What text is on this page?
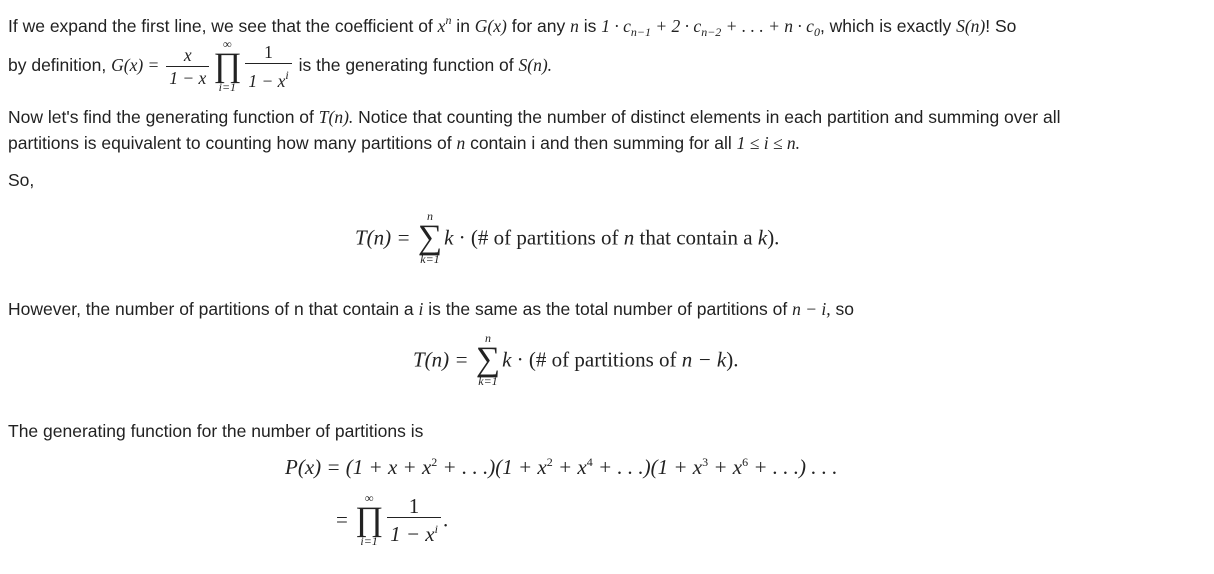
If we expand the first line, we see that the coefficient of $x^n$ in G(x) for any n is $1 \cdot c_{n-1} + 2 \cdot c_{n-2}$ + . . . + $n \cdot c_0$, which is exactly S(n)! So
by definition, $G(x) = \frac{x}{1 - x}$	∞
∏
$i=1 \frac{1}{1 - x^i}$ is the generating function of S(n).
Now let's find the generating function of T(n). Notice that counting the number of distinct elements in each partition and summing over all
partitions is equivalent to counting how many partitions of n contain i and then summing for all 1 ≤ i ≤ n.
So,
T(n) =
n
∑
k=1
k · (# of partitions of n that contain a k).
However, the number of partitions of n that contain a i is the same as the total number of partitions of n − i, so
T(n) =
n
∑
k=1
k · (# of partitions of n − k).
The generating function for the number of partitions is
$P(x) = (1 + x + x^2$ + . . $.)(1 + x^2 + x^4$ + . . $.)(1 + x^3 + x^6$ + . . .) . . .
=
∞
∏
$i=1 \frac{1}{1 - x^i}$ .
